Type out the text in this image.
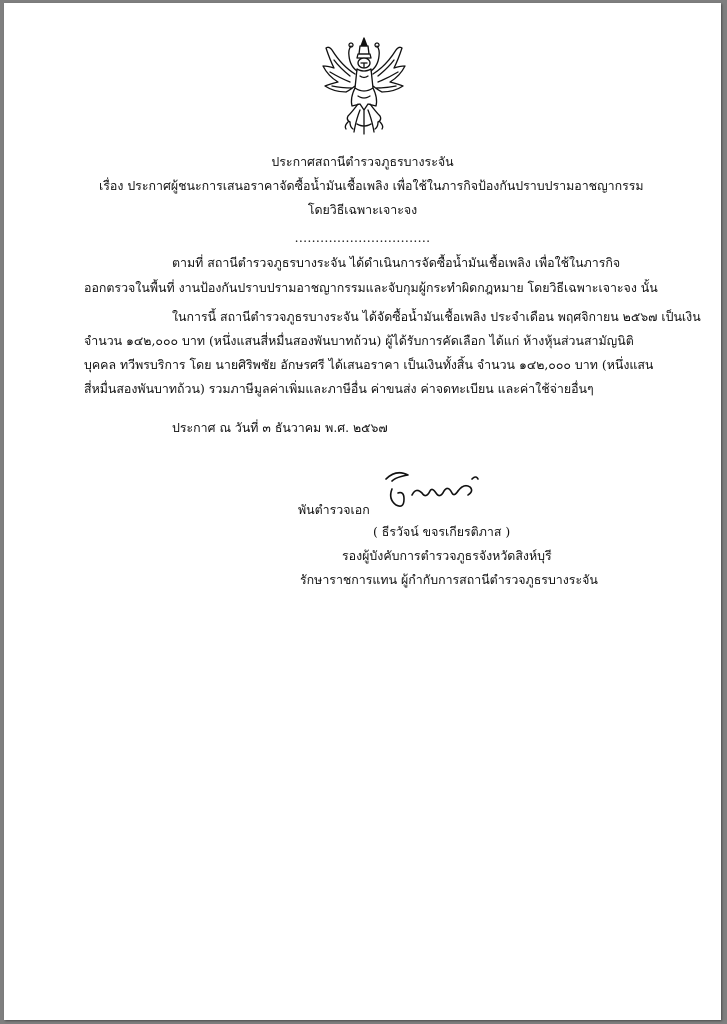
ประกาศสถานีตำรวจภูธรบางระจัน
เรื่อง ประกาศผู้ชนะการเสนอราคาจัดซื้อน้ำมันเชื้อเพลิง เพื่อใช้ในภารกิจป้องกันปราบปรามอาชญากรรม
โดยวิธีเฉพาะเจาะจง
................................
ตามที่ สถานีตำรวจภูธรบางระจัน ได้ดำเนินการจัดซื้อน้ำมันเชื้อเพลิง เพื่อใช้ในภารกิจ
ออกตรวจในพื้นที่ งานป้องกันปราบปรามอาชญากรรมและจับกุมผู้กระทำผิดกฎหมาย โดยวิธีเฉพาะเจาะจง นั้น
ในการนี้ สถานีตำรวจภูธรบางระจัน ได้จัดซื้อน้ำมันเชื้อเพลิง ประจำเดือน พฤศจิกายน ๒๕๖๗ เป็นเงิน
จำนวน ๑๔๒,๐๐๐ บาท (หนึ่งแสนสี่หมื่นสองพันบาทถ้วน) ผู้ได้รับการคัดเลือก ได้แก่ ห้างหุ้นส่วนสามัญนิติ
บุคคล ทวีพรบริการ โดย นายศิริพชัย อักษรศรี ได้เสนอราคา เป็นเงินทั้งสิ้น จำนวน ๑๔๒,๐๐๐ บาท (หนึ่งแสน
สี่หมื่นสองพันบาทถ้วน) รวมภาษีมูลค่าเพิ่มและภาษีอื่น ค่าขนส่ง ค่าจดทะเบียน และค่าใช้จ่ายอื่นๆ
ประกาศ ณ วันที่ ๓ ธันวาคม พ.ศ. ๒๕๖๗
พันตำรวจเอก
( ธีรวัจน์ ขจรเกียรติภาส )
รองผู้บังคับการตำรวจภูธรจังหวัดสิงห์บุรี
รักษาราชการแทน ผู้กำกับการสถานีตำรวจภูธรบางระจัน
